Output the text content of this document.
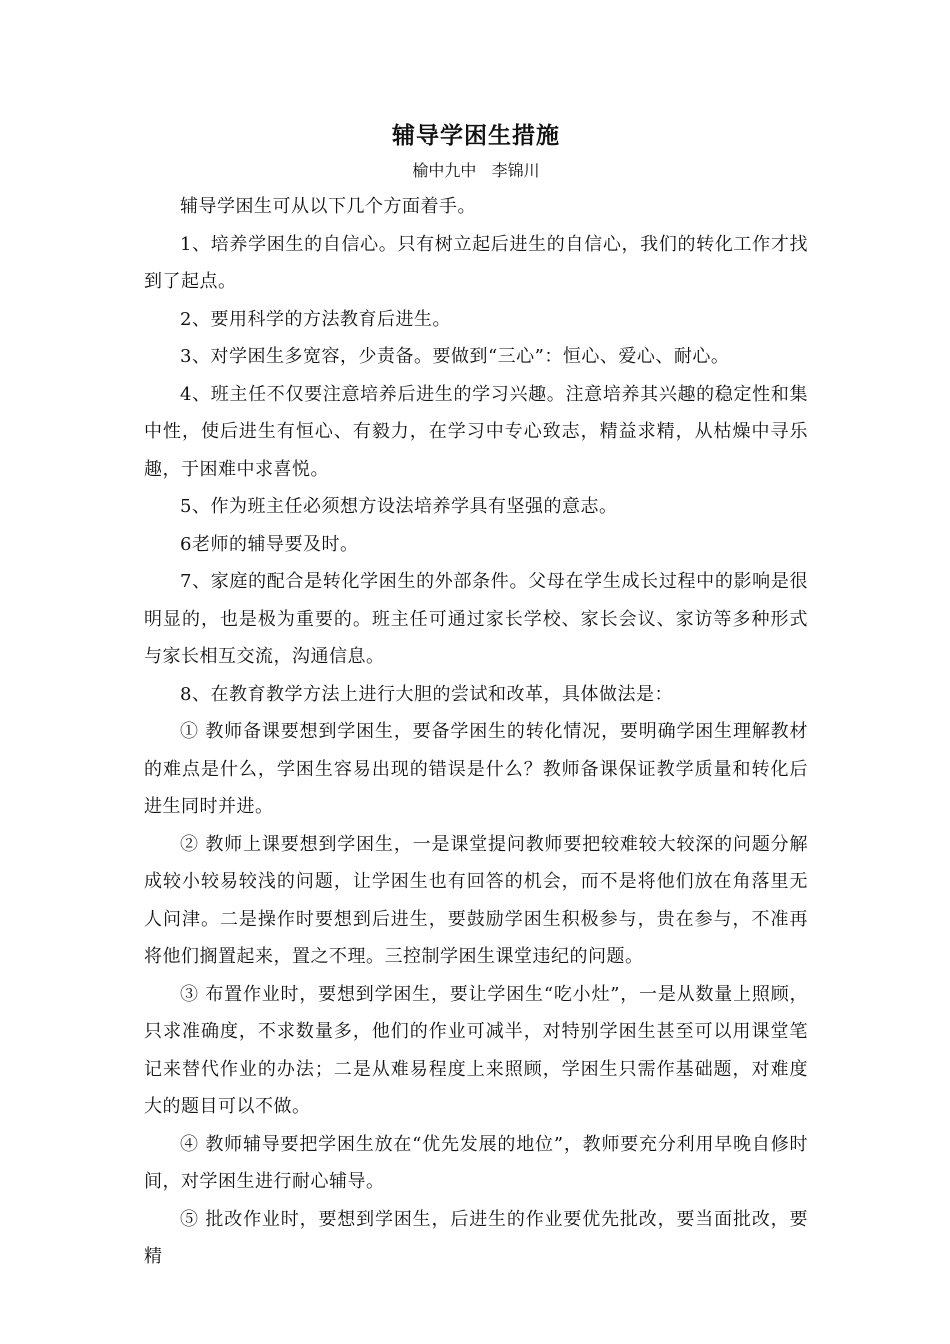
辅导学困生措施
榆中九中   李锦川

辅导学困生可从以下几个方面着手。

1、培养学困生的自信心。只有树立起后进生的自信心，我们的转化工作才找到了起点。

2、要用科学的方法教育后进生。

3、对学困生多宽容，少责备。要做到“三心”：恒心、爱心、耐心。

4、班主任不仅要注意培养后进生的学习兴趣。注意培养其兴趣的稳定性和集中性，使后进生有恒心、有毅力，在学习中专心致志，精益求精，从枯燥中寻乐趣，于困难中求喜悦。

5、作为班主任必须想方设法培养学具有坚强的意志。

6老师的辅导要及时。

7、家庭的配合是转化学困生的外部条件。父母在学生成长过程中的影响是很明显的，也是极为重要的。班主任可通过家长学校、家长会议、家访等多种形式与家长相互交流，沟通信息。

8、在教育教学方法上进行大胆的尝试和改革，具体做法是：

① 教师备课要想到学困生，要备学困生的转化情况，要明确学困生理解教材的难点是什么，学困生容易出现的错误是什么？教师备课保证教学质量和转化后进生同时并进。

② 教师上课要想到学困生，一是课堂提问教师要把较难较大较深的问题分解成较小较易较浅的问题，让学困生也有回答的机会，而不是将他们放在角落里无人问津。二是操作时要想到后进生，要鼓励学困生积极参与，贵在参与，不准再将他们搁置起来，置之不理。三控制学困生课堂违纪的问题。

③ 布置作业时，要想到学困生，要让学困生“吃小灶”，一是从数量上照顾，只求准确度，不求数量多，他们的作业可减半，对特别学困生甚至可以用课堂笔记来替代作业的办法；二是从难易程度上来照顾，学困生只需作基础题，对难度大的题目可以不做。

④ 教师辅导要把学困生放在“优先发展的地位”，教师要充分利用早晚自修时间，对学困生进行耐心辅导。

⑤ 批改作业时，要想到学困生，后进生的作业要优先批改，要当面批改，要精
